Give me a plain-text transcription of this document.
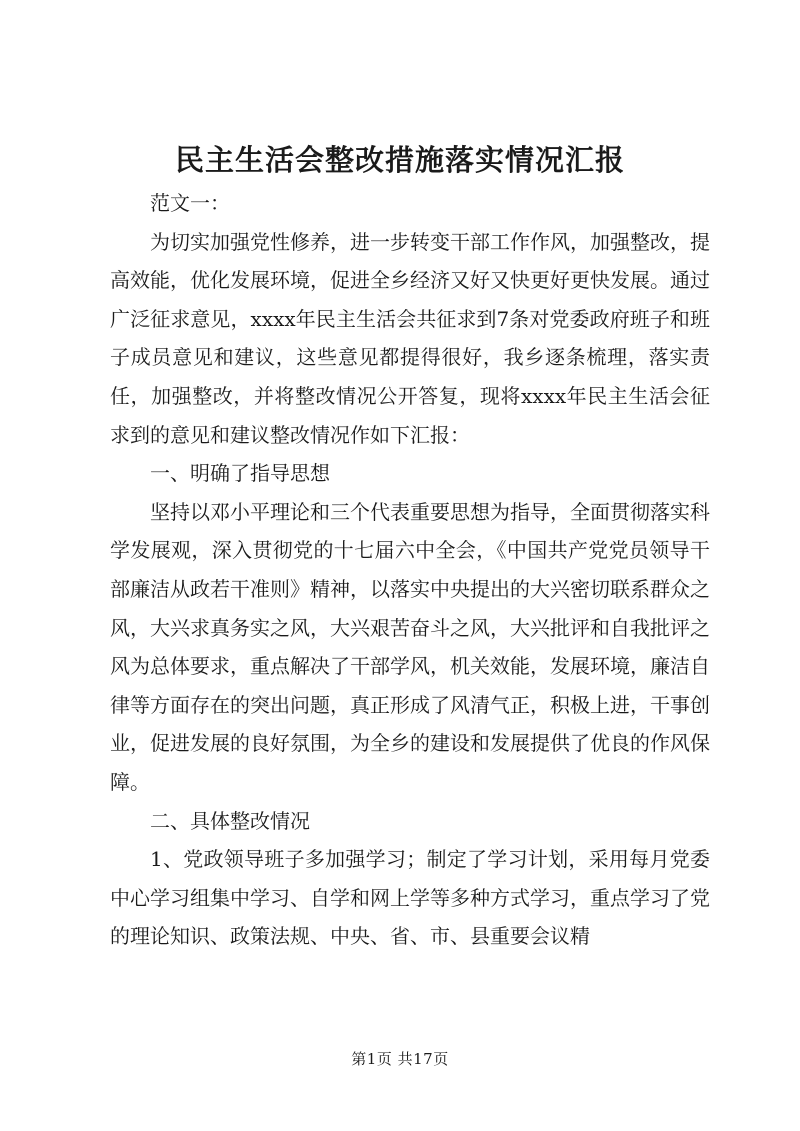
民主生活会整改措施落实情况汇报

范文一：

为切实加强党性修养，进一步转变干部工作作风，加强整改，提高效能，优化发展环境，促进全乡经济又好又快更好更快发展。通过广泛征求意见，xxxx年民主生活会共征求到7条对党委政府班子和班子成员意见和建议，这些意见都提得很好，我乡逐条梳理，落实责任，加强整改，并将整改情况公开答复，现将xxxx年民主生活会征求到的意见和建议整改情况作如下汇报：

一、明确了指导思想

坚持以邓小平理论和三个代表重要思想为指导，全面贯彻落实科学发展观，深入贯彻党的十七届六中全会，《中国共产党党员领导干部廉洁从政若干准则》精神，以落实中央提出的大兴密切联系群众之风，大兴求真务实之风，大兴艰苦奋斗之风，大兴批评和自我批评之风为总体要求，重点解决了干部学风，机关效能，发展环境，廉洁自律等方面存在的突出问题，真正形成了风清气正，积极上进，干事创业，促进发展的良好氛围，为全乡的建设和发展提供了优良的作风保障。

二、具体整改情况

1、党政领导班子多加强学习；制定了学习计划，采用每月党委中心学习组集中学习、自学和网上学等多种方式学习，重点学习了党的理论知识、政策法规、中央、省、市、县重要会议精

第1页 共17页
